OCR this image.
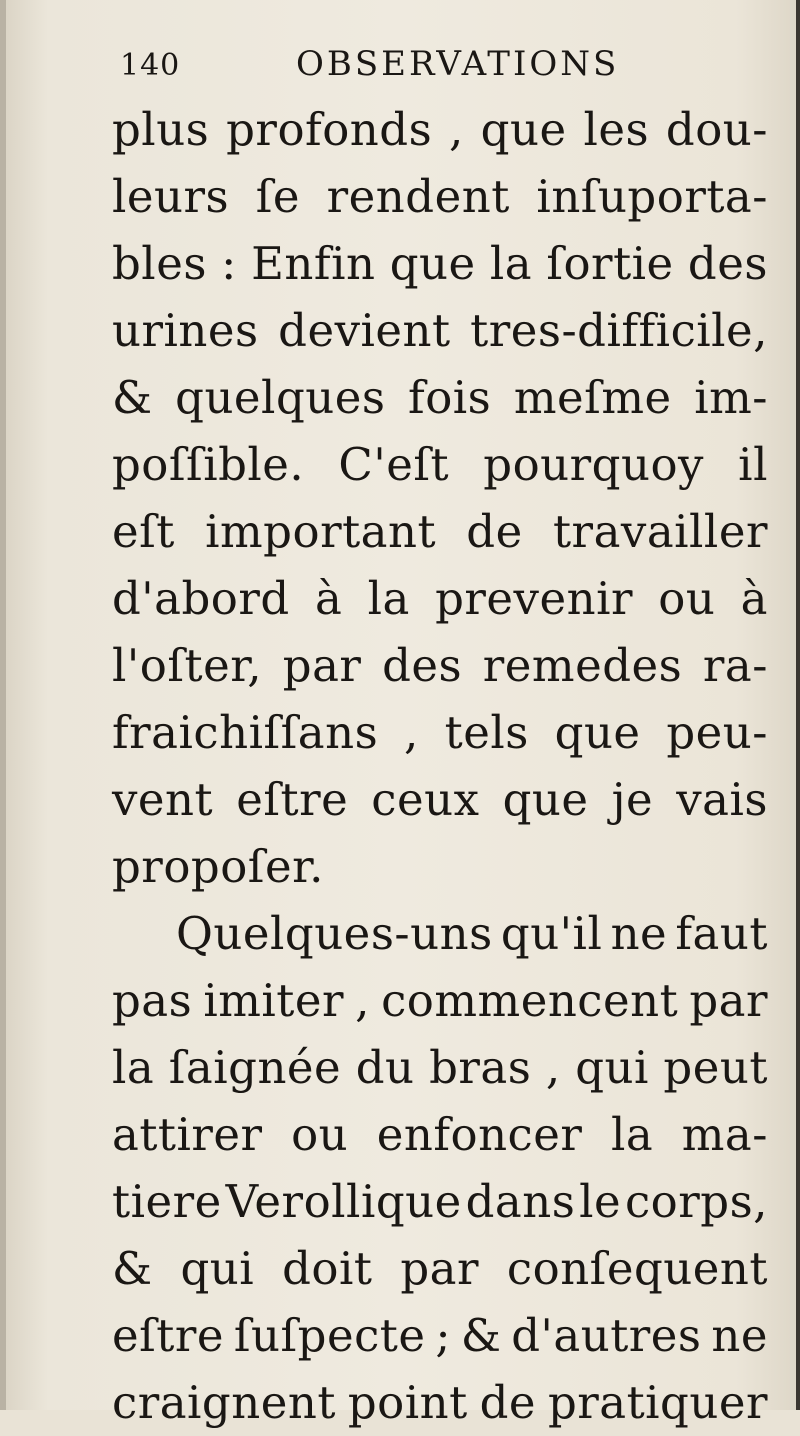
140	OBSERVATIONS
plus profonds , que les dou-
leurs ſe rendent inſuporta-
bles : Enfin que la ſortie des
urines devient tres-difficile,
& quelques fois meſme im-
poſſible. C'eſt pourquoy il
eſt important de travailler
d'abord à la prevenir ou à
l'oſter, par des remedes ra-
fraichiſſans , tels que peu-
vent eſtre ceux que je vais
propoſer.
Quelques-uns qu'il ne faut
pas imiter , commencent par
la ſaignée du bras , qui peut
attirer ou enfoncer la ma-
tiere Verollique dans le corps,
& qui doit par conſequent
eſtre ſuſpecte ; & d'autres ne
craignent point de pratiquer
